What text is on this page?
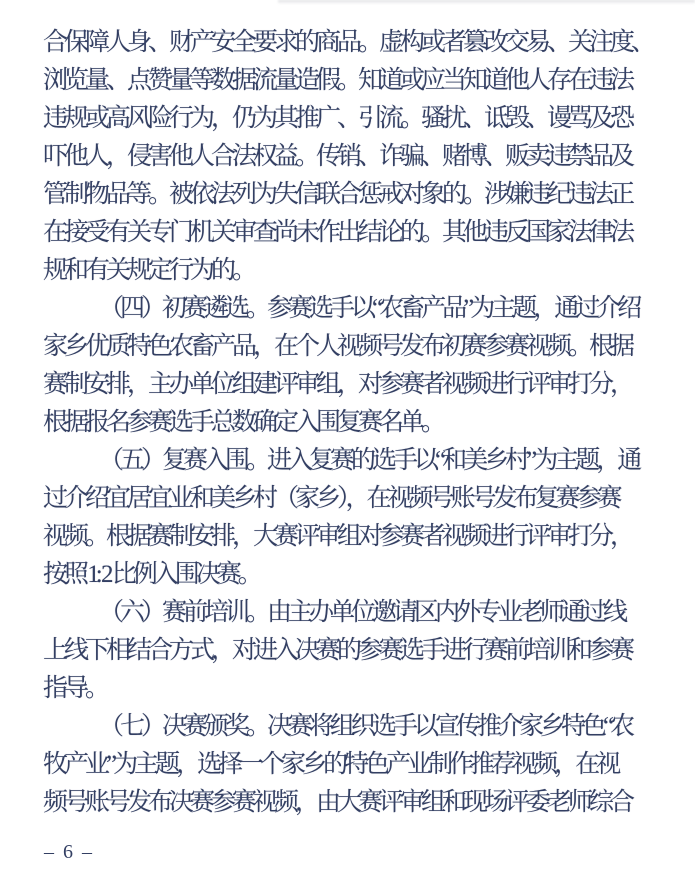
合保障人身、财产安全要求的商品。虚构或者篡改交易、关注度、
浏览量、点赞量等数据流量造假。知道或应当知道他人存在违法
违规或高风险行为，仍为其推广、引流。骚扰、诋毁、谩骂及恐
吓他人，侵害他人合法权益。传销、诈骗、赌博、贩卖违禁品及
管制物品等。被依法列为失信联合惩戒对象的。涉嫌违纪违法正
在接受有关专门机关审查尚未作出结论的。其他违反国家法律法
规和有关规定行为的。
（四）初赛遴选。参赛选手以“农畜产品”为主题，通过介绍
家乡优质特色农畜产品，在个人视频号发布初赛参赛视频。根据
赛制安排，主办单位组建评审组，对参赛者视频进行评审打分，
根据报名参赛选手总数确定入围复赛名单。
（五）复赛入围。进入复赛的选手以“和美乡村”为主题，通
过介绍宜居宜业和美乡村（家乡），在视频号账号发布复赛参赛
视频。根据赛制安排，大赛评审组对参赛者视频进行评审打分，
按照 1: 2 比例入围决赛。
（六）赛前培训。由主办单位邀请区内外专业老师通过线
上线下相结合方式，对进入决赛的参赛选手进行赛前培训和参赛
指导。
（七）决赛颁奖。决赛将组织选手以宣传推介家乡特色“农
牧产业”为主题，选择一个家乡的特色产业制作推荐视频，在视
频号账号发布决赛参赛视频，由大赛评审组和现场评委老师综合
– 6 –
